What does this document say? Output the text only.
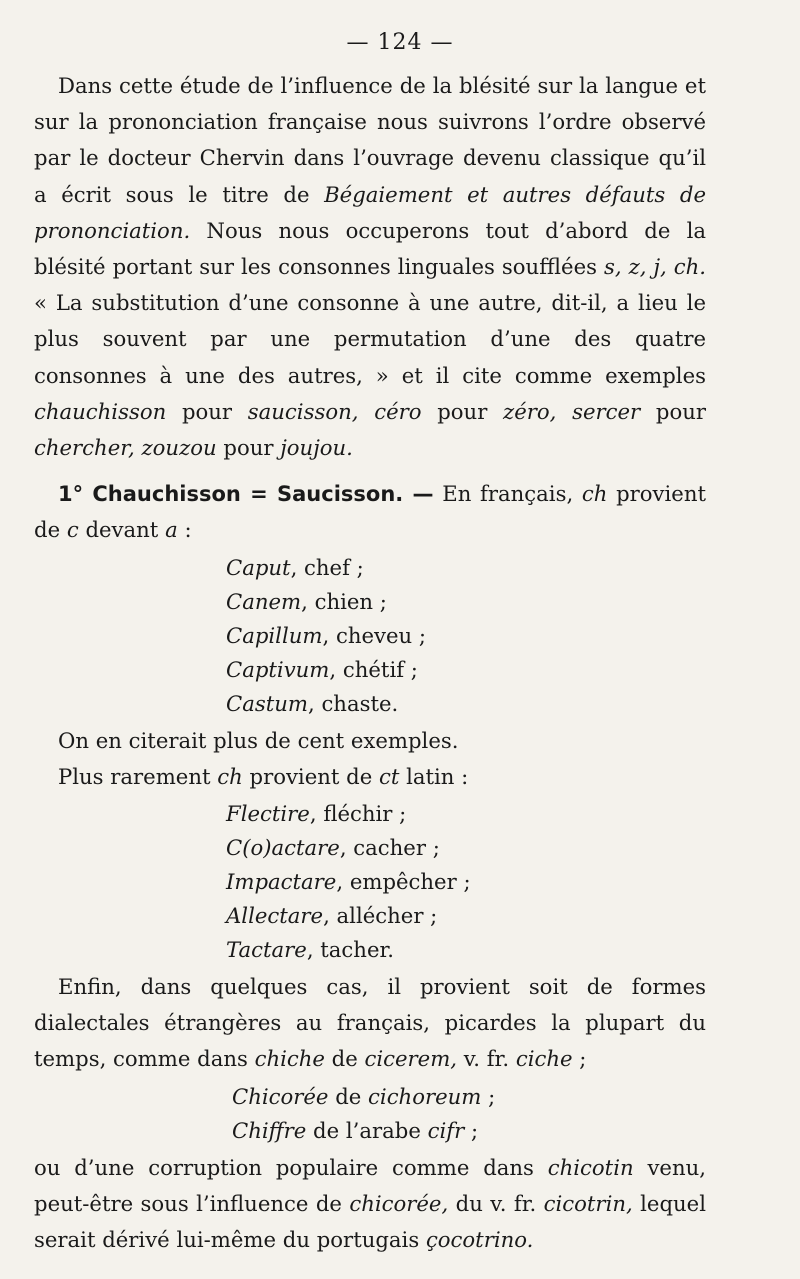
— 124 —

Dans cette étude de l’influence de la blésité sur la langue et sur la prononciation française nous suivrons l’ordre observé par le docteur Chervin dans l’ouvrage devenu classique qu’il a écrit sous le titre de Bégaiement et autres défauts de prononciation. Nous nous occuperons tout d’abord de la blésité portant sur les consonnes linguales soufflées s, z, j, ch. « La substitution d’une consonne à une autre, dit-il, a lieu le plus souvent par une permutation d’une des quatre consonnes à une des autres, » et il cite comme exemples chauchisson pour saucisson, céro pour zéro, sercer pour chercher, zouzou pour joujou.

1° Chauchisson = Saucisson. — En français, ch provient de c devant a :

Caput, chef ;
Canem, chien ;
Capillum, cheveu ;
Captivum, chétif ;
Castum, chaste.

On en citerait plus de cent exemples.

Plus rarement ch provient de ct latin :

Flectire, fléchir ;
C(o)actare, cacher ;
Impactare, empêcher ;
Allectare, allécher ;
Tactare, tacher.

Enfin, dans quelques cas, il provient soit de formes dialectales étrangères au français, picardes la plupart du temps, comme dans chiche de cicerem, v. fr. ciche ;

Chicorée de cichoreum ;
Chiffre de l’arabe cifr ;

ou d’une corruption populaire comme dans chicotin venu, peut-être sous l’influence de chicorée, du v. fr. cicotrin, lequel serait dérivé lui-même du portugais çocotrino.
